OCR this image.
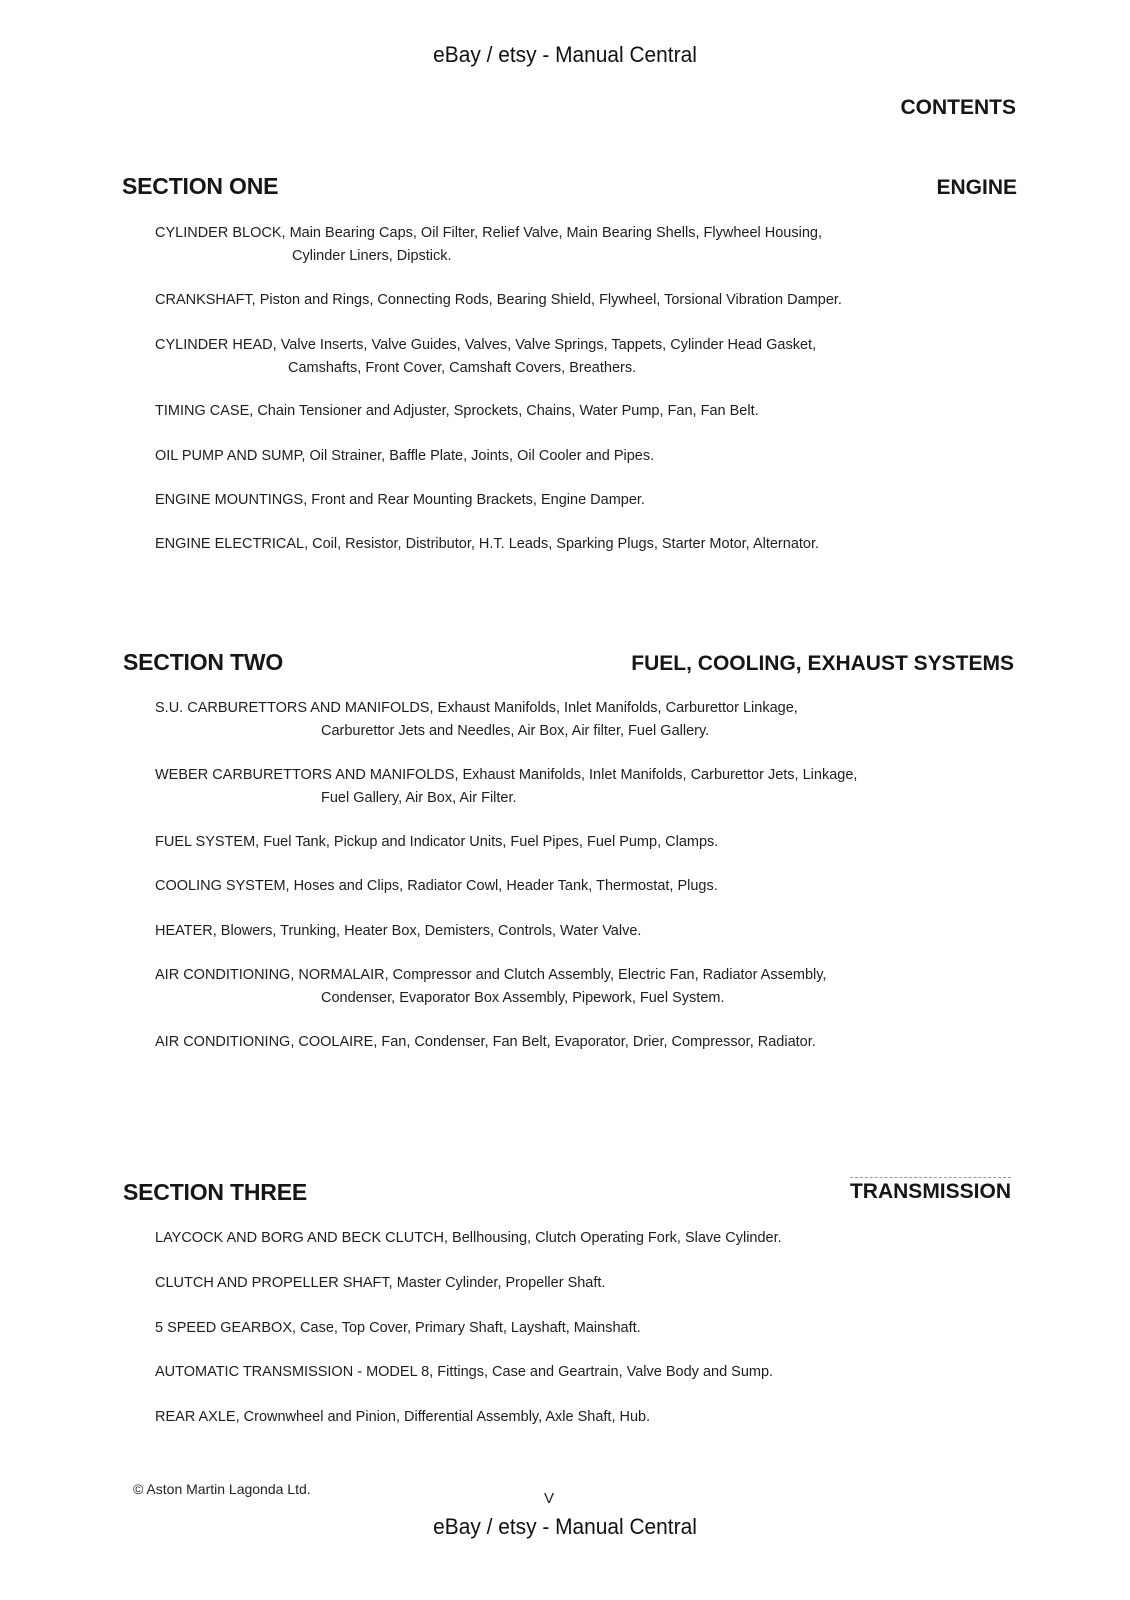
eBay / etsy - Manual Central
CONTENTS
SECTION ONE	ENGINE
CYLINDER BLOCK, Main Bearing Caps, Oil Filter, Relief Valve, Main Bearing Shells, Flywheel Housing,
Cylinder Liners, Dipstick.
CRANKSHAFT, Piston and Rings, Connecting Rods, Bearing Shield, Flywheel, Torsional Vibration Damper.
CYLINDER HEAD, Valve Inserts, Valve Guides, Valves, Valve Springs, Tappets, Cylinder Head Gasket,
Camshafts, Front Cover, Camshaft Covers, Breathers.
TIMING CASE, Chain Tensioner and Adjuster, Sprockets, Chains, Water Pump, Fan, Fan Belt.
OIL PUMP AND SUMP, Oil Strainer, Baffle Plate, Joints, Oil Cooler and Pipes.
ENGINE MOUNTINGS, Front and Rear Mounting Brackets, Engine Damper.
ENGINE ELECTRICAL, Coil, Resistor, Distributor, H.T. Leads, Sparking Plugs, Starter Motor, Alternator.
SECTION TWO	FUEL, COOLING, EXHAUST SYSTEMS
S.U. CARBURETTORS AND MANIFOLDS, Exhaust Manifolds, Inlet Manifolds, Carburettor Linkage,
Carburettor Jets and Needles, Air Box, Air filter, Fuel Gallery.
WEBER CARBURETTORS AND MANIFOLDS, Exhaust Manifolds, Inlet Manifolds, Carburettor Jets, Linkage,
Fuel Gallery, Air Box, Air Filter.
FUEL SYSTEM, Fuel Tank, Pickup and Indicator Units, Fuel Pipes, Fuel Pump, Clamps.
COOLING SYSTEM, Hoses and Clips, Radiator Cowl, Header Tank, Thermostat, Plugs.
HEATER, Blowers, Trunking, Heater Box, Demisters, Controls, Water Valve.
AIR CONDITIONING, NORMALAIR, Compressor and Clutch Assembly, Electric Fan, Radiator Assembly,
Condenser, Evaporator Box Assembly, Pipework, Fuel System.
AIR CONDITIONING, COOLAIRE, Fan, Condenser, Fan Belt, Evaporator, Drier, Compressor, Radiator.
SECTION THREE	TRANSMISSION
LAYCOCK AND BORG AND BECK CLUTCH, Bellhousing, Clutch Operating Fork, Slave Cylinder.
CLUTCH AND PROPELLER SHAFT, Master Cylinder, Propeller Shaft.
5 SPEED GEARBOX, Case, Top Cover, Primary Shaft, Layshaft, Mainshaft.
AUTOMATIC TRANSMISSION - MODEL 8, Fittings, Case and Geartrain, Valve Body and Sump.
REAR AXLE, Crownwheel and Pinion, Differential Assembly, Axle Shaft, Hub.
© Aston Martin Lagonda Ltd.
V
eBay / etsy - Manual Central
